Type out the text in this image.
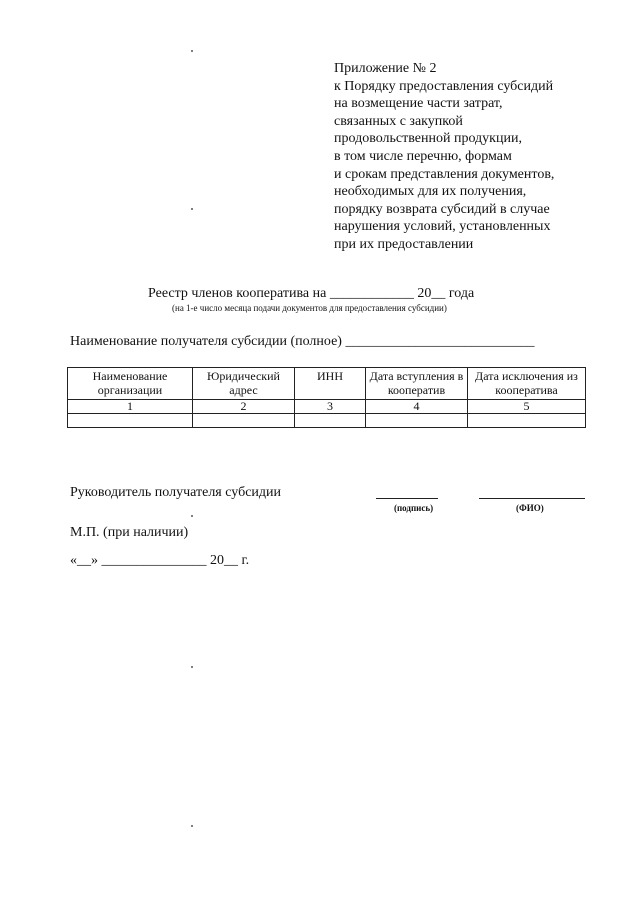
Приложение № 2
к Порядку предоставления субсидий
на возмещение части затрат,
связанных с закупкой
продовольственной продукции,
в том числе перечню, формам
и срокам представления документов,
необходимых для их получения,
порядку возврата субсидий в случае
нарушения условий, установленных
при их предоставлении
Реестр членов кооператива на ____________ 20__ года
(на 1-е число месяца подачи документов для предоставления субсидии)
Наименование получателя субсидии (полное) ___________________________
Наименование организации	Юридический адрес	ИНН	Дата вступления в кооператив	Дата исключения из кооператива
1	2	3	4	5

Руководитель получателя субсидии
(подпись)	(ФИО)
М.П. (при наличии)
«__» _______________ 20__ г.
